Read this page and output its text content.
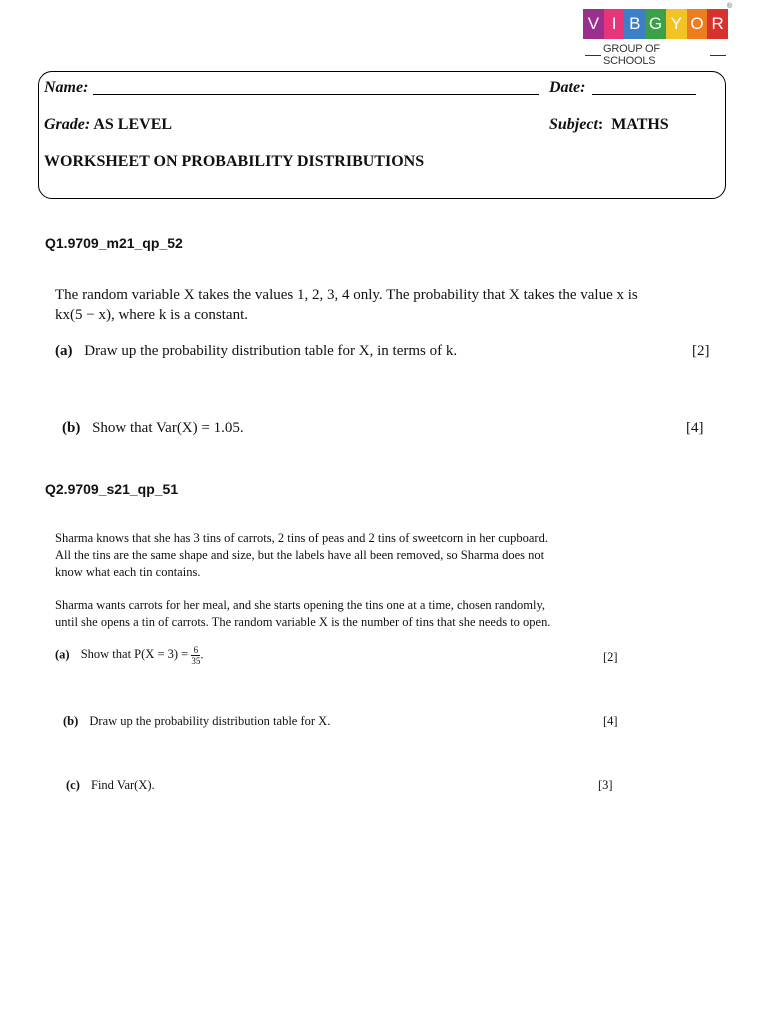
V I B G Y O R
®
GROUP OF SCHOOLS
Name:	Date:
Grade: AS LEVEL	Subject: MATHS
WORKSHEET ON PROBABILITY DISTRIBUTIONS
Q1.9709_m21_qp_52
The random variable X takes the values 1, 2, 3, 4 only. The probability that X takes the value x is
kx(5 − x), where k is a constant.
(a) Draw up the probability distribution table for X, in terms of k.	[2]
(b) Show that Var(X) = 1.05.	[4]
Q2.9709_s21_qp_51
Sharma knows that she has 3 tins of carrots, 2 tins of peas and 2 tins of sweetcorn in her cupboard.
All the tins are the same shape and size, but the labels have all been removed, so Sharma does not
know what each tin contains.
Sharma wants carrots for her meal, and she starts opening the tins one at a time, chosen randomly,
until she opens a tin of carrots. The random variable X is the number of tins that she needs to open.
(a) Show that $P(X = 3) = \frac{6}{35}$ .	[2]
(b) Draw up the probability distribution table for X.	[4]
(c) Find Var(X).	[3]
